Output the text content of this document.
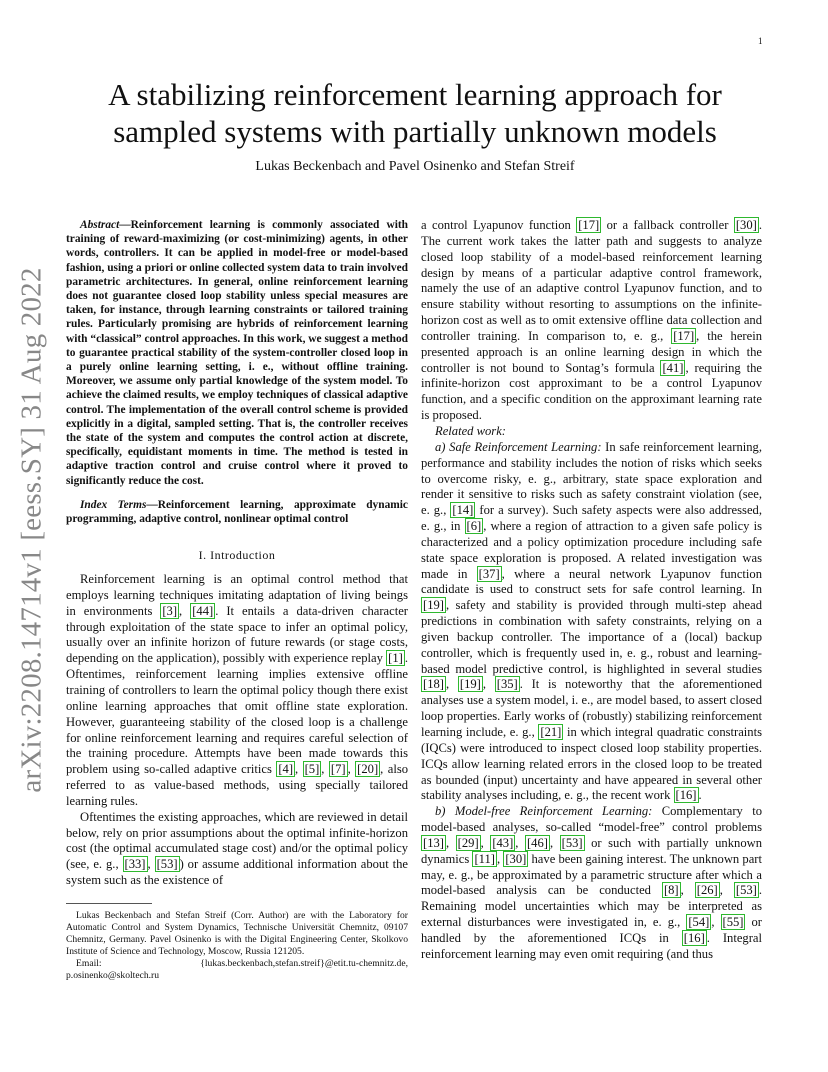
1
arXiv:2208.14714v1 [eess.SY] 31 Aug 2022
A stabilizing reinforcement learning approach for sampled systems with partially unknown models
Lukas Beckenbach and Pavel Osinenko and Stefan Streif

Abstract—Reinforcement learning is commonly associated with training of reward-maximizing (or cost-minimizing) agents, in other words, controllers. It can be applied in model-free or model-based fashion, using a priori or online collected system data to train involved parametric architectures. In general, online reinforcement learning does not guarantee closed loop stability unless special measures are taken, for instance, through learning constraints or tailored training rules. Particularly promising are hybrids of reinforcement learning with “classical” control approaches. In this work, we suggest a method to guarantee practical stability of the system-controller closed loop in a purely online learning setting, i. e., without offline training. Moreover, we assume only partial knowledge of the system model. To achieve the claimed results, we employ techniques of classical adaptive control. The implementation of the overall control scheme is provided explicitly in a digital, sampled setting. That is, the controller receives the state of the system and computes the control action at discrete, specifically, equidistant moments in time. The method is tested in adaptive traction control and cruise control where it proved to significantly reduce the cost.

Index Terms—Reinforcement learning, approximate dynamic programming, adaptive control, nonlinear optimal control

I. Introduction

Reinforcement learning is an optimal control method that employs learning techniques imitating adaptation of living beings in environments [3] , [44] . It entails a data-driven character through exploitation of the state space to infer an optimal policy, usually over an infinite horizon of future rewards (or stage costs, depending on the application), possibly with experience replay [1] . Oftentimes, reinforcement learning implies extensive offline training of controllers to learn the optimal policy though there exist online learning approaches that omit offline state exploration. However, guaranteeing stability of the closed loop is a challenge for online reinforcement learning and requires careful selection of the training procedure. Attempts have been made towards this problem using so-called adaptive critics [4] , [5] , [7] , [20] , also referred to as value-based methods, using specially tailored learning rules.

Oftentimes the existing approaches, which are reviewed in detail below, rely on prior assumptions about the optimal infinite-horizon cost (the optimal accumulated stage cost) and/or the optimal policy (see, e. g., [33] , [53] ) or assume additional information about the system such as the existence of

Lukas Beckenbach and Stefan Streif (Corr. Author) are with the Laboratory for Automatic Control and System Dynamics, Technische Universität Chemnitz, 09107 Chemnitz, Germany. Pavel Osinenko is with the Digital Engineering Center, Skolkovo Institute of Science and Technology, Moscow, Russia 121205.

Email:	{lukas.beckenbach,stefan.streif}@etit.tu-chemnitz.de, p.osinenko@skoltech.ru

a control Lyapunov function [17] or a fallback controller [30] . The current work takes the latter path and suggests to analyze closed loop stability of a model-based reinforcement learning design by means of a particular adaptive control framework, namely the use of an adaptive control Lyapunov function, and to ensure stability without resorting to assumptions on the infinite-horizon cost as well as to omit extensive offline data collection and controller training. In comparison to, e. g., [17] , the herein presented approach is an online learning design in which the controller is not bound to Sontag’s formula [41] , requiring the infinite-horizon cost approximant to be a control Lyapunov function, and a specific condition on the approximant learning rate is proposed.

Related work:

a) Safe Reinforcement Learning: In safe reinforcement learning, performance and stability includes the notion of risks which seeks to overcome risky, e. g., arbitrary, state space exploration and render it sensitive to risks such as safety constraint violation (see, e. g., [14] for a survey). Such safety aspects were also addressed, e. g., in [6] , where a region of attraction to a given safe policy is characterized and a policy optimization procedure including safe state space exploration is proposed. A related investigation was made in [37] , where a neural network Lyapunov function candidate is used to construct sets for safe control learning. In [19] , safety and stability is provided through multi-step ahead predictions in combination with safety constraints, relying on a given backup controller. The importance of a (local) backup controller, which is frequently used in, e. g., robust and learning-based model predictive control, is highlighted in several studies [18] , [19] , [35] . It is noteworthy that the aforementioned analyses use a system model, i. e., are model based, to assert closed loop properties. Early works of (robustly) stabilizing reinforcement learning include, e. g., [21] in which integral quadratic constraints (IQCs) were introduced to inspect closed loop stability properties. ICQs allow learning related errors in the closed loop to be treated as bounded (input) uncertainty and have appeared in several other stability analyses including, e. g., the recent work [16] .

b) Model-free Reinforcement Learning: Complementary to model-based analyses, so-called “model-free” control problems [13] , [29] , [43] , [46] , [53] or such with partially unknown dynamics [11] , [30] have been gaining interest. The unknown part may, e. g., be approximated by a parametric structure after which a model-based analysis can be conducted [8] , [26] , [53] . Remaining model uncertainties which may be interpreted as external disturbances were investigated in, e. g., [54] , [55] or handled by the aforementioned ICQs in [16] . Integral reinforcement learning may even omit requiring (and thus
